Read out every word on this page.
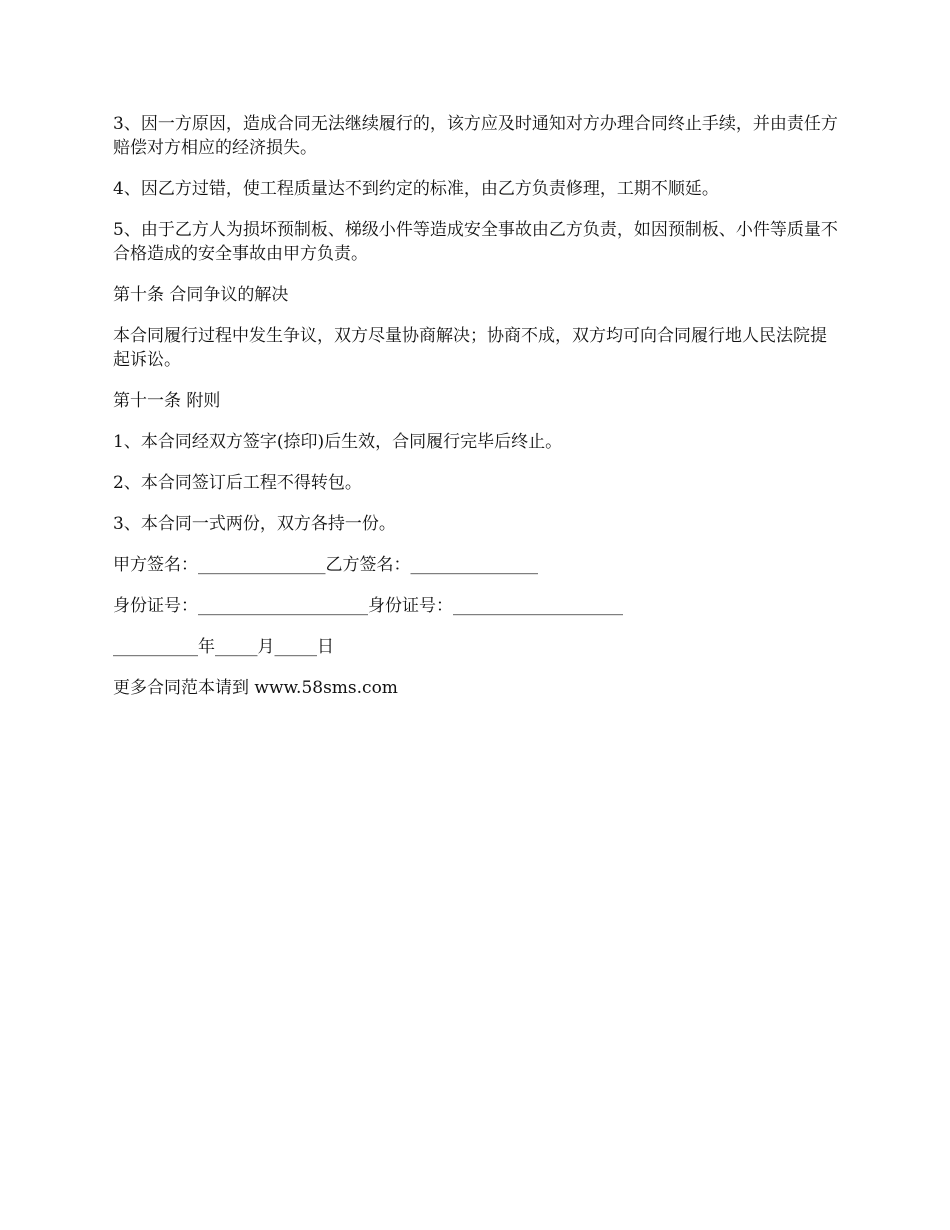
3、因一方原因，造成合同无法继续履行的，该方应及时通知对方办理合同终止手续，并由责任方赔偿对方相应的经济损失。

4、因乙方过错，使工程质量达不到约定的标准，由乙方负责修理，工期不顺延。

5、由于乙方人为损坏预制板、梯级小件等造成安全事故由乙方负责，如因预制板、小件等质量不合格造成的安全事故由甲方负责。

第十条 合同争议的解决

本合同履行过程中发生争议，双方尽量协商解决；协商不成，双方均可向合同履行地人民法院提起诉讼。

第十一条 附则

1、本合同经双方签字(捺印)后生效，合同履行完毕后终止。

2、本合同签订后工程不得转包。

3、本合同一式两份，双方各持一份。

甲方签名：_______________乙方签名：_______________

身份证号：____________________身份证号：____________________

__________年_____月_____日

更多合同范本请到 www.58sms.com
